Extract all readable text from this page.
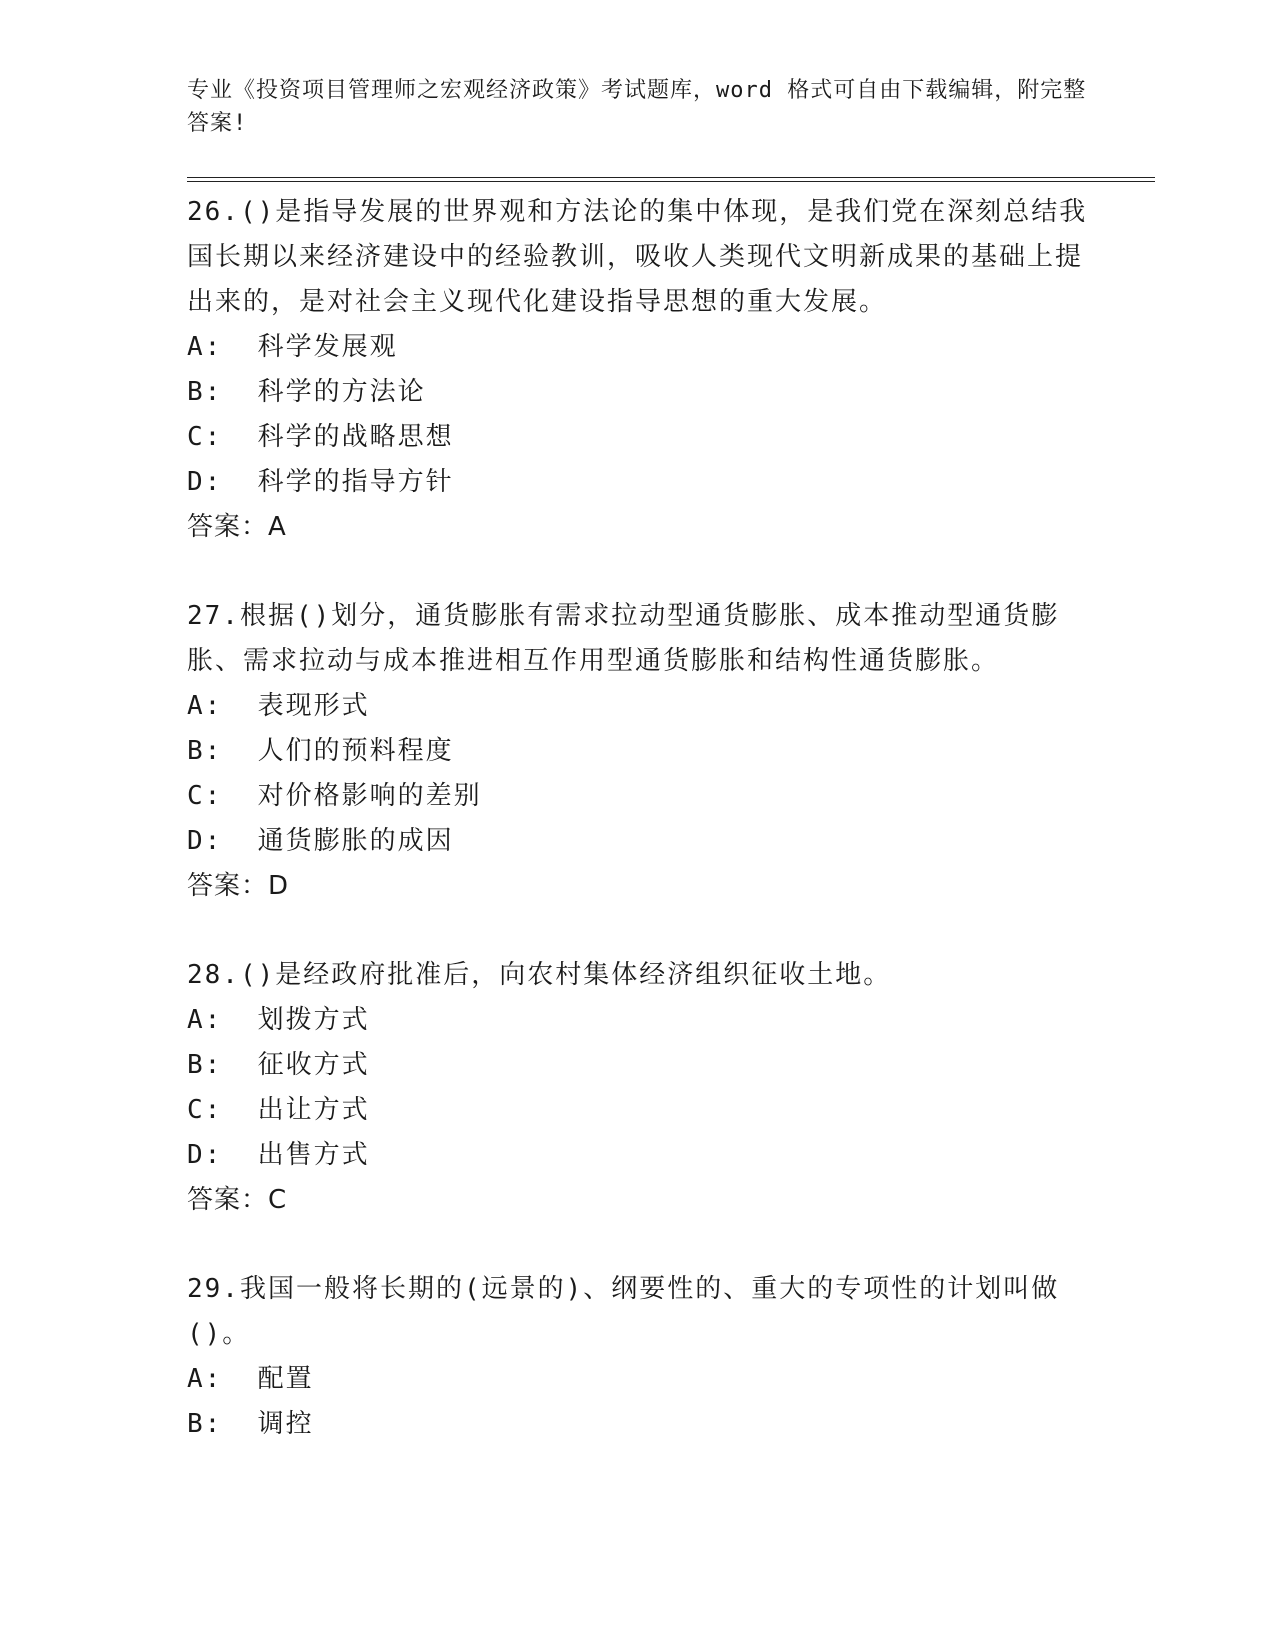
专业《投资项目管理师之宏观经济政策》考试题库，word 格式可自由下载编辑，附完整答案!

26.()是指导发展的世界观和方法论的集中体现，是我们党在深刻总结我国长期以来经济建设中的经验教训，吸收人类现代文明新成果的基础上提出来的，是对社会主义现代化建设指导思想的重大发展。

A:  科学发展观

B:  科学的方法论

C:  科学的战略思想

D:  科学的指导方针

答案：A

27.根据()划分，通货膨胀有需求拉动型通货膨胀、成本推动型通货膨胀、需求拉动与成本推进相互作用型通货膨胀和结构性通货膨胀。

A:  表现形式

B:  人们的预料程度

C:  对价格影响的差别

D:  通货膨胀的成因

答案：D

28.()是经政府批准后，向农村集体经济组织征收土地。

A:  划拨方式

B:  征收方式

C:  出让方式

D:  出售方式

答案：C

29.我国一般将长期的(远景的)、纲要性的、重大的专项性的计划叫做()。

A:  配置

B:  调控
